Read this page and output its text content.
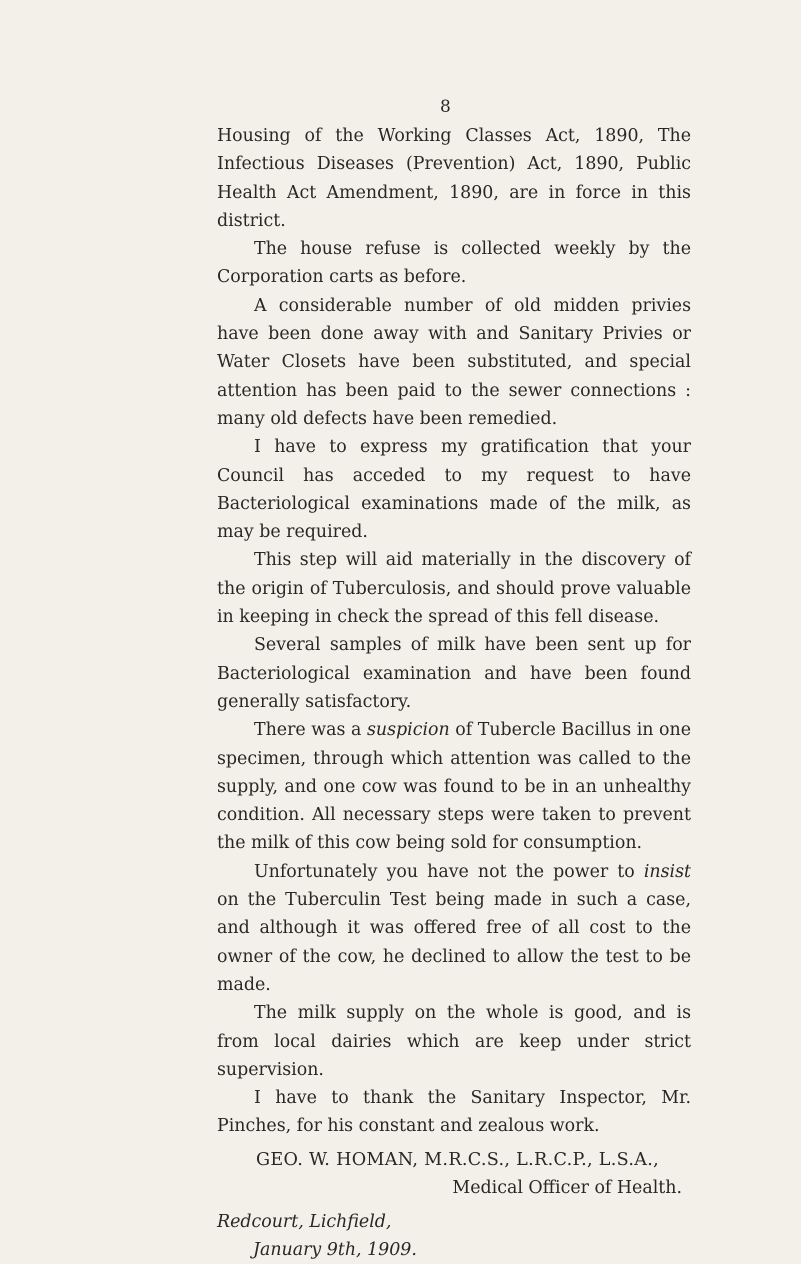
8

Housing of the Working Classes Act, 1890, The Infectious Diseases (Prevention) Act, 1890, Public Health Act Amendment, 1890, are in force in this district.

The house refuse is collected weekly by the Corporation carts as before.

A considerable number of old midden privies have been done away with and Sanitary Privies or Water Closets have been substituted, and special attention has been paid to the sewer connections : many old defects have been remedied.

I have to express my gratification that your Council has acceded to my request to have Bacteriological examinations made of the milk, as may be required.

This step will aid materially in the discovery of the origin of Tuberculosis, and should prove valuable in keeping in check the spread of this fell disease.

Several samples of milk have been sent up for Bacteriological examination and have been found generally satisfactory.

There was a suspicion of Tubercle Bacillus in one specimen, through which attention was called to the supply, and one cow was found to be in an unhealthy condition. All necessary steps were taken to prevent the milk of this cow being sold for consumption.

Unfortunately you have not the power to insist on the Tuberculin Test being made in such a case, and although it was offered free of all cost to the owner of the cow, he declined to allow the test to be made.

The milk supply on the whole is good, and is from local dairies which are keep under strict supervision.

I have to thank the Sanitary Inspector, Mr. Pinches, for his constant and zealous work.

GEO. W. HOMAN, M.R.C.S., L.R.C.P., L.S.A.,
Medical Officer of Health.
Redcourt, Lichfield,
January 9th, 1909.
